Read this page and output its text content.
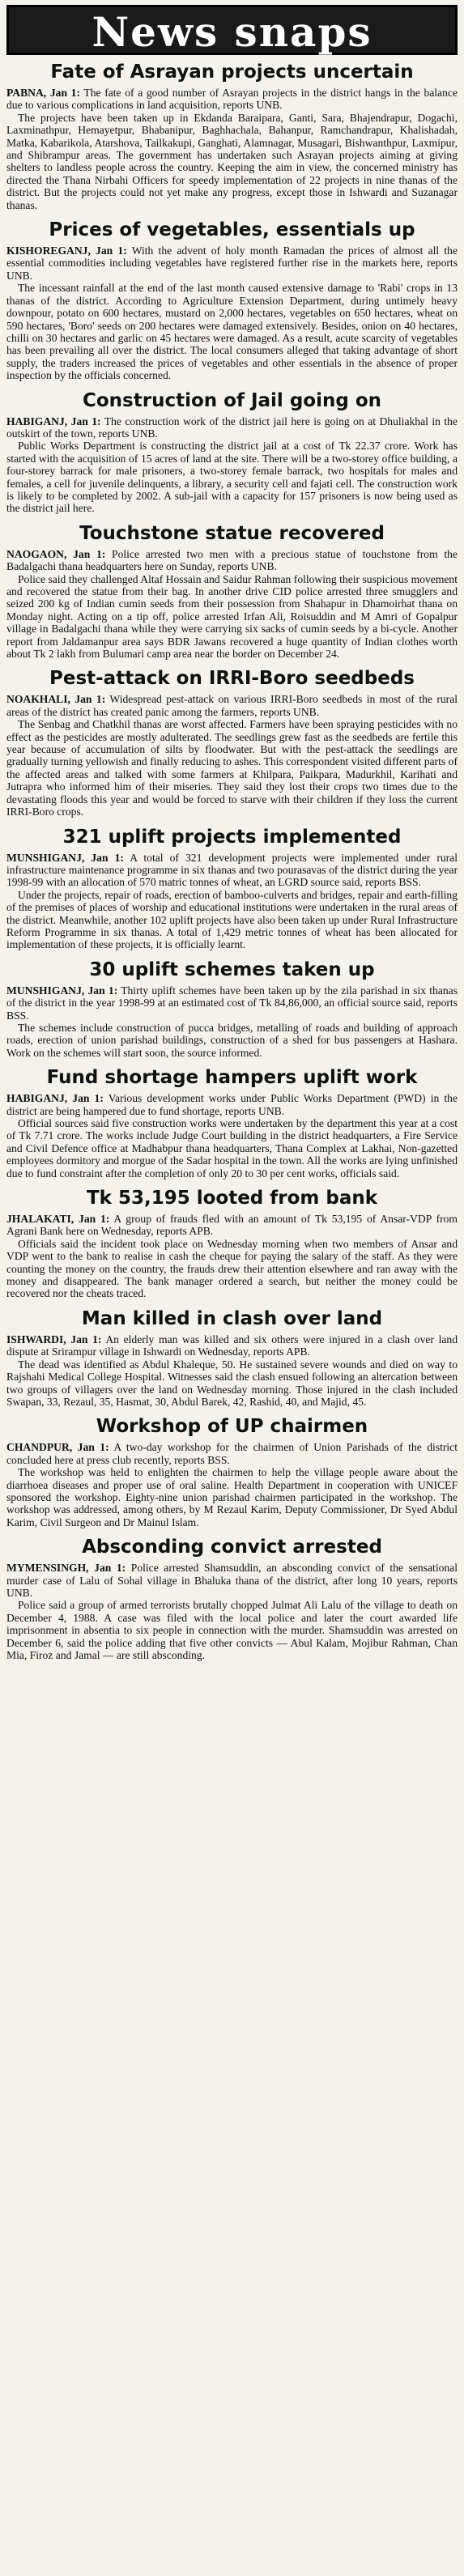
News snaps
Fate of Asrayan projects uncertain

PABNA, Jan 1: The fate of a good number of Asrayan projects in the district hangs in the balance due to various complications in land acquisition, reports UNB.

The projects have been taken up in Ekdanda Baraipara, Ganti, Sara, Bhajendrapur, Dogachi, Laxminathpur, Hemayetpur, Bhabanipur, Baghhachala, Bahanpur, Ramchandrapur, Khalishadah, Matka, Kabarikola, Atarshova, Tailkakupi, Ganghati, Alamnagar, Musagari, Bishwanthpur, Laxmipur, and Shibrampur areas. The government has undertaken such Asrayan projects aiming at giving shelters to landless people across the country. Keeping the aim in view, the concerned ministry has directed the Thana Nirbahi Officers for speedy implementation of 22 projects in nine thanas of the district. But the projects could not yet make any progress, except those in Ishwardi and Suzanagar thanas.

Prices of vegetables, essentials up

KISHOREGANJ, Jan 1: With the advent of holy month Ramadan the prices of almost all the essential commodities including vegetables have registered further rise in the markets here, reports UNB.

The incessant rainfall at the end of the last month caused extensive damage to 'Rabi' crops in 13 thanas of the district. According to Agriculture Extension Department, during untimely heavy downpour, potato on 600 hectares, mustard on 2,000 hectares, vegetables on 650 hectares, wheat on 590 hectares, 'Boro' seeds on 200 hectares were damaged extensively. Besides, onion on 40 hectares, chilli on 30 hectares and garlic on 45 hectares were damaged. As a result, acute scarcity of vegetables has been prevailing all over the district. The local consumers alleged that taking advantage of short supply, the traders increased the prices of vegetables and other essentials in the absence of proper inspection by the officials concerned.

Construction of Jail going on

HABIGANJ, Jan 1: The construction work of the district jail here is going on at Dhuliakhal in the outskirt of the town, reports UNB.

Public Works Department is constructing the district jail at a cost of Tk 22.37 crore. Work has started with the acquisition of 15 acres of land at the site. There will be a two-storey office building, a four-storey barrack for male prisoners, a two-storey female barrack, two hospitals for males and females, a cell for juvenile delinquents, a library, a security cell and fajati cell. The construction work is likely to be completed by 2002. A sub-jail with a capacity for 157 prisoners is now being used as the district jail here.

Touchstone statue recovered

NAOGAON, Jan 1: Police arrested two men with a precious statue of touchstone from the Badalgachi thana headquarters here on Sunday, reports UNB.

Police said they challenged Altaf Hossain and Saidur Rahman following their suspicious movement and recovered the statue from their bag. In another drive CID police arrested three smugglers and seized 200 kg of Indian cumin seeds from their possession from Shahapur in Dhamoirhat thana on Monday night. Acting on a tip off, police arrested Irfan Ali, Roisuddin and M Amri of Gopalpur village in Badalgachi thana while they were carrying six sacks of cumin seeds by a bi-cycle. Another report from Jaldamanpur area says BDR Jawans recovered a huge quantity of Indian clothes worth about Tk 2 lakh from Bulumari camp area near the border on December 24.

Pest-attack on IRRI-Boro seedbeds

NOAKHALI, Jan 1: Widespread pest-attack on various IRRI-Boro seedbeds in most of the rural areas of the district has created panic among the farmers, reports UNB.

The Senbag and Chatkhil thanas are worst affected. Farmers have been spraying pesticides with no effect as the pesticides are mostly adulterated. The seedlings grew fast as the seedbeds are fertile this year because of accumulation of silts by floodwater. But with the pest-attack the seedlings are gradually turning yellowish and finally reducing to ashes. This correspondent visited different parts of the affected areas and talked with some farmers at Khilpara, Paikpara, Madurkhil, Karihati and Jutrapra who informed him of their miseries. They said they lost their crops two times due to the devastating floods this year and would be forced to starve with their children if they loss the current IRRI-Boro crops.

321 uplift projects implemented

MUNSHIGANJ, Jan 1: A total of 321 development projects were implemented under rural infrastructure maintenance programme in six thanas and two pourasavas of the district during the year 1998-99 with an allocation of 570 matric tonnes of wheat, an LGRD source said, reports BSS.

Under the projects, repair of roads, erection of bamboo-culverts and bridges, repair and earth-filling of the premises of places of worship and educational institutions were undertaken in the rural areas of the district. Meanwhile, another 102 uplift projects have also been taken up under Rural Infrastructure Reform Programme in six thanas. A total of 1,429 metric tonnes of wheat has been allocated for implementation of these projects, it is officially learnt.

30 uplift schemes taken up

MUNSHIGANJ, Jan 1: Thirty uplift schemes have been taken up by the zila parishad in six thanas of the district in the year 1998-99 at an estimated cost of Tk 84,86,000, an official source said, reports BSS.

The schemes include construction of pucca bridges, metalling of roads and building of approach roads, erection of union parishad buildings, construction of a shed for bus passengers at Hashara. Work on the schemes will start soon, the source informed.

Fund shortage hampers uplift work

HABIGANJ, Jan 1: Various development works under Public Works Department (PWD) in the district are being hampered due to fund shortage, reports UNB.

Official sources said five construction works were undertaken by the department this year at a cost of Tk 7.71 crore. The works include Judge Court building in the district headquarters, a Fire Service and Civil Defence office at Madhabpur thana headquarters, Thana Complex at Lakhai, Non-gazetted employees dormitory and morgue of the Sadar hospital in the town. All the works are lying unfinished due to fund constraint after the completion of only 20 to 30 per cent works, officials said.

Tk 53,195 looted from bank

JHALAKATI, Jan 1: A group of frauds fled with an amount of Tk 53,195 of Ansar-VDP from Agrani Bank here on Wednesday, reports APB.

Officials said the incident took place on Wednesday morning when two members of Ansar and VDP went to the bank to realise in cash the cheque for paying the salary of the staff. As they were counting the money on the country, the frauds drew their attention elsewhere and ran away with the money and disappeared. The bank manager ordered a search, but neither the money could be recovered nor the cheats traced.

Man killed in clash over land

ISHWARDI, Jan 1: An elderly man was killed and six others were injured in a clash over land dispute at Srirampur village in Ishwardi on Wednesday, reports APB.

The dead was identified as Abdul Khaleque, 50. He sustained severe wounds and died on way to Rajshahi Medical College Hospital. Witnesses said the clash ensued following an altercation between two groups of villagers over the land on Wednesday morning. Those injured in the clash included Swapan, 33, Rezaul, 35, Hasmat, 30, Abdul Barek, 42, Rashid, 40, and Majid, 45.

Workshop of UP chairmen

CHANDPUR, Jan 1: A two-day workshop for the chairmen of Union Parishads of the district concluded here at press club recently, reports BSS.

The workshop was held to enlighten the chairmen to help the village people aware about the diarrhoea diseases and proper use of oral saline. Health Department in cooperation with UNICEF sponsored the workshop. Eighty-nine union parishad chairmen participated in the workshop. The workshop was addressed, among others, by M Rezaul Karim, Deputy Commissioner, Dr Syed Abdul Karim, Civil Surgeon and Dr Mainul Islam.

Absconding convict arrested

MYMENSINGH, Jan 1: Police arrested Shamsuddin, an absconding convict of the sensational murder case of Lalu of Sohal village in Bhaluka thana of the district, after long 10 years, reports UNB.

Police said a group of armed terrorists brutally chopped Julmat Ali Lalu of the village to death on December 4, 1988. A case was filed with the local police and later the court awarded life imprisonment in absentia to six people in connection with the murder. Shamsuddin was arrested on December 6, said the police adding that five other convicts — Abul Kalam, Mojibur Rahman, Chan Mia, Firoz and Jamal — are still absconding.
